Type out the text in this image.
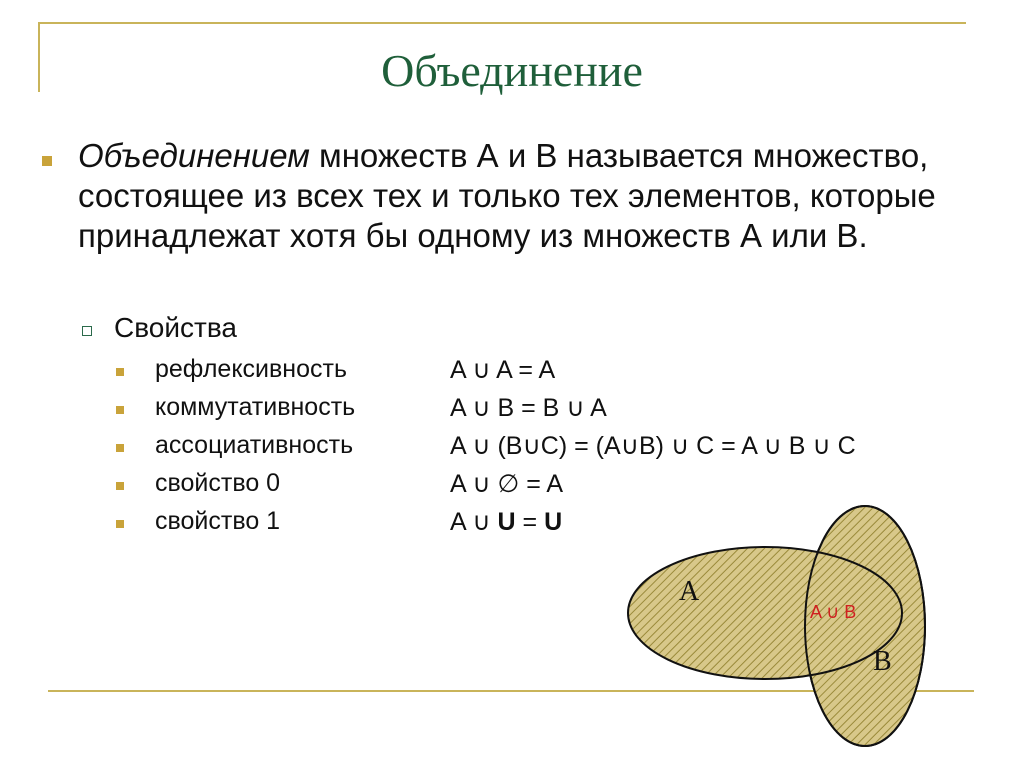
Объединение
Объединением множеств А и В называется множество, состоящее из всех тех и только тех элементов, которые принадлежат хотя бы одному из множеств А или В.
Свойства
рефлексивность	A ∪ A = A
коммутативность	A ∪ B = B ∪ A
ассоциативность	A ∪ (B∪C) = (A∪B) ∪ C = A ∪ B ∪ C
свойство 0	A ∪ ∅ = A
свойство 1	A ∪ U = U
A
B
A ∪ B
